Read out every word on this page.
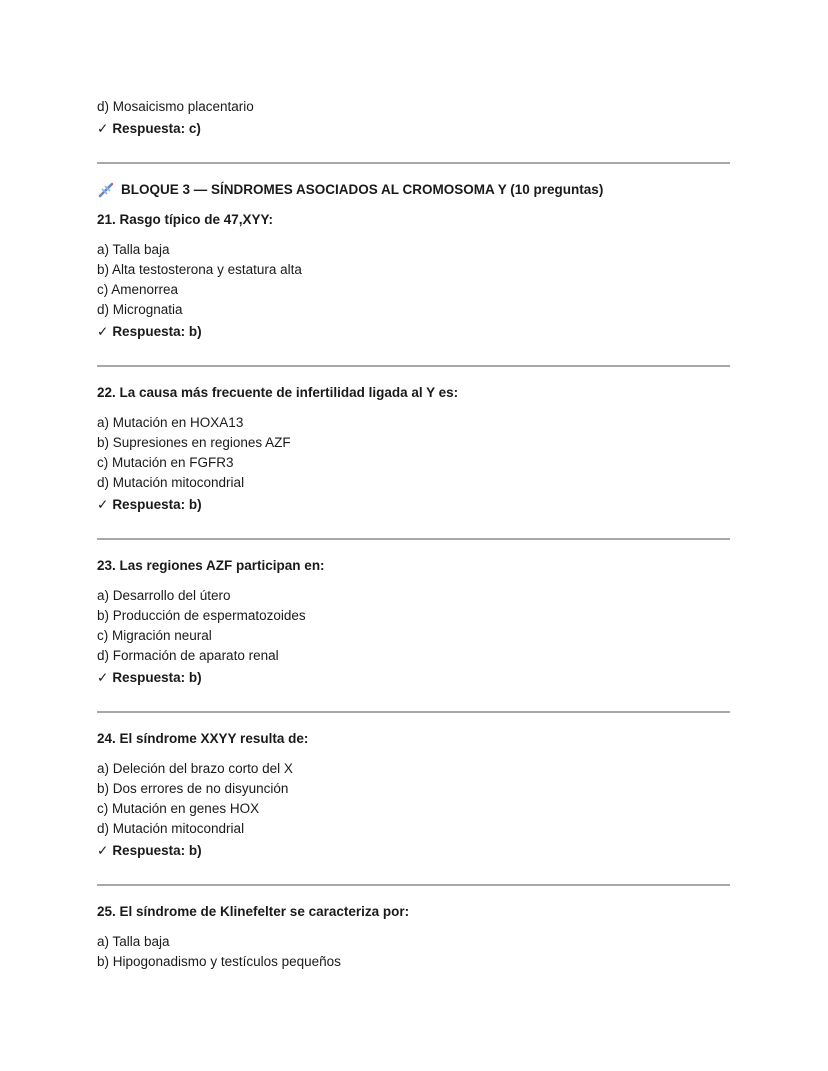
d) Mosaicismo placentario
✓ Respuesta: c)
BLOQUE 3 — SÍNDROMES ASOCIADOS AL CROMOSOMA Y (10 preguntas)
21. Rasgo típico de 47,XYY:
a) Talla baja
b) Alta testosterona y estatura alta
c) Amenorrea
d) Micrognatia
✓ Respuesta: b)
22. La causa más frecuente de infertilidad ligada al Y es:
a) Mutación en HOXA13
b) Supresiones en regiones AZF
c) Mutación en FGFR3
d) Mutación mitocondrial
✓ Respuesta: b)
23. Las regiones AZF participan en:
a) Desarrollo del útero
b) Producción de espermatozoides
c) Migración neural
d) Formación de aparato renal
✓ Respuesta: b)
24. El síndrome XXYY resulta de:
a) Deleción del brazo corto del X
b) Dos errores de no disyunción
c) Mutación en genes HOX
d) Mutación mitocondrial
✓ Respuesta: b)
25. El síndrome de Klinefelter se caracteriza por:
a) Talla baja
b) Hipogonadismo y testículos pequeños
